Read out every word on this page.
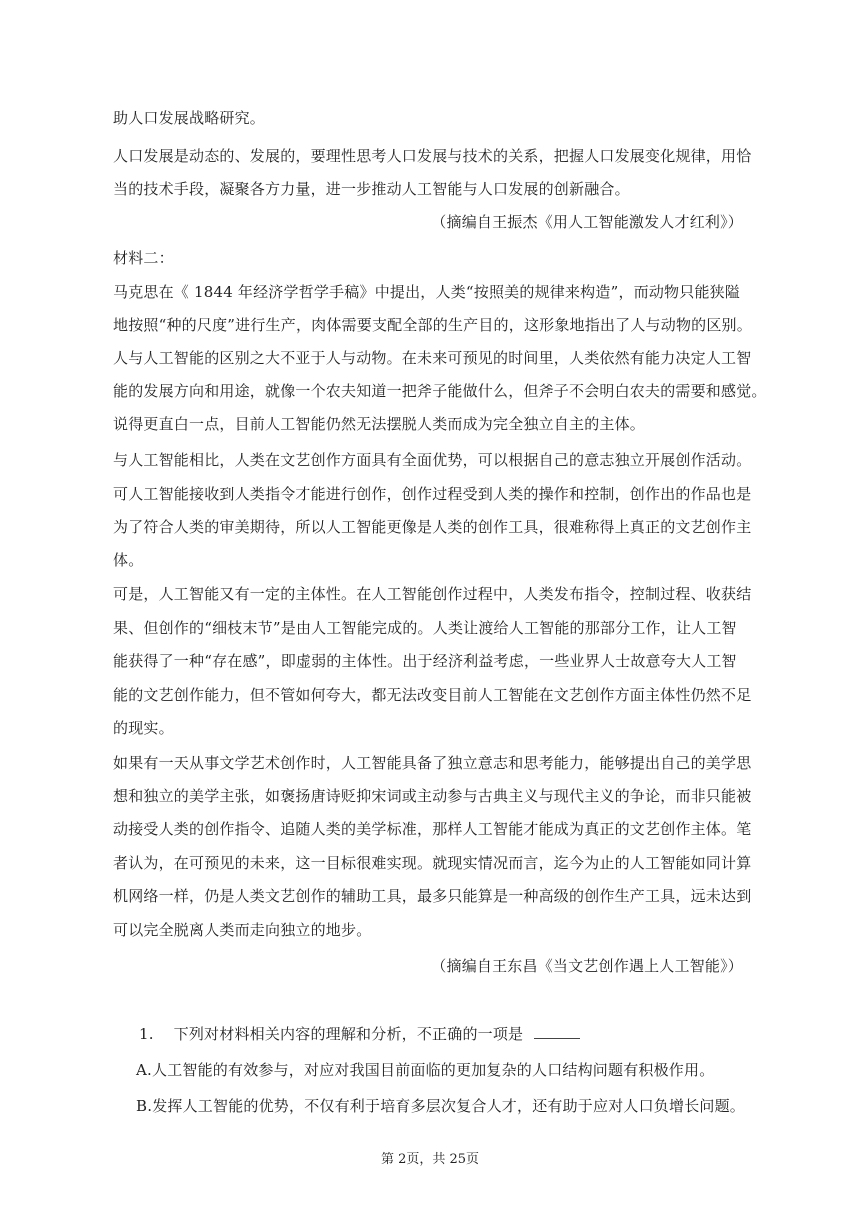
助人口发展战略研究。
人口发展是动态的、发展的，要理性思考人口发展与技术的关系，把握人口发展变化规律，用恰
当的技术手段，凝聚各方力量，进一步推动人工智能与人口发展的创新融合。
（摘编自王振杰《用人工智能激发人才红利》）
材料二：
马克思在《 1844 年经济学哲学手稿》中提出，人类“按照美的规律来构造”，而动物只能狭隘
地按照“种的尺度”进行生产，肉体需要支配全部的生产目的，这形象地指出了人与动物的区别。
人与人工智能的区别之大不亚于人与动物。在未来可预见的时间里，人类依然有能力决定人工智
能的发展方向和用途，就像一个农夫知道一把斧子能做什么，但斧子不会明白农夫的需要和感觉。
说得更直白一点，目前人工智能仍然无法摆脱人类而成为完全独立自主的主体。
与人工智能相比，人类在文艺创作方面具有全面优势，可以根据自己的意志独立开展创作活动。
可人工智能接收到人类指令才能进行创作，创作过程受到人类的操作和控制，创作出的作品也是
为了符合人类的审美期待，所以人工智能更像是人类的创作工具，很难称得上真正的文艺创作主
体。
可是，人工智能又有一定的主体性。在人工智能创作过程中，人类发布指令，控制过程、收获结
果、但创作的“细枝末节”是由人工智能完成的。人类让渡给人工智能的那部分工作，让人工智
能获得了一种“存在感”，即虚弱的主体性。出于经济利益考虑，一些业界人士故意夸大人工智
能的文艺创作能力，但不管如何夸大，都无法改变目前人工智能在文艺创作方面主体性仍然不足
的现实。
如果有一天从事文学艺术创作时，人工智能具备了独立意志和思考能力，能够提出自己的美学思
想和独立的美学主张，如褒扬唐诗贬抑宋词或主动参与古典主义与现代主义的争论，而非只能被
动接受人类的创作指令、追随人类的美学标准，那样人工智能才能成为真正的文艺创作主体。笔
者认为，在可预见的未来，这一目标很难实现。就现实情况而言，迄今为止的人工智能如同计算
机网络一样，仍是人类文艺创作的辅助工具，最多只能算是一种高级的创作生产工具，远未达到
可以完全脱离人类而走向独立的地步。
（摘编自王东昌《当文艺创作遇上人工智能》）
1. 下列对材料相关内容的理解和分析，不正确的一项是
A.人工智能的有效参与，对应对我国目前面临的更加复杂的人口结构问题有积极作用。
B.发挥人工智能的优势，不仅有利于培育多层次复合人才，还有助于应对人口负增长问题。
第 2页，共 25页
